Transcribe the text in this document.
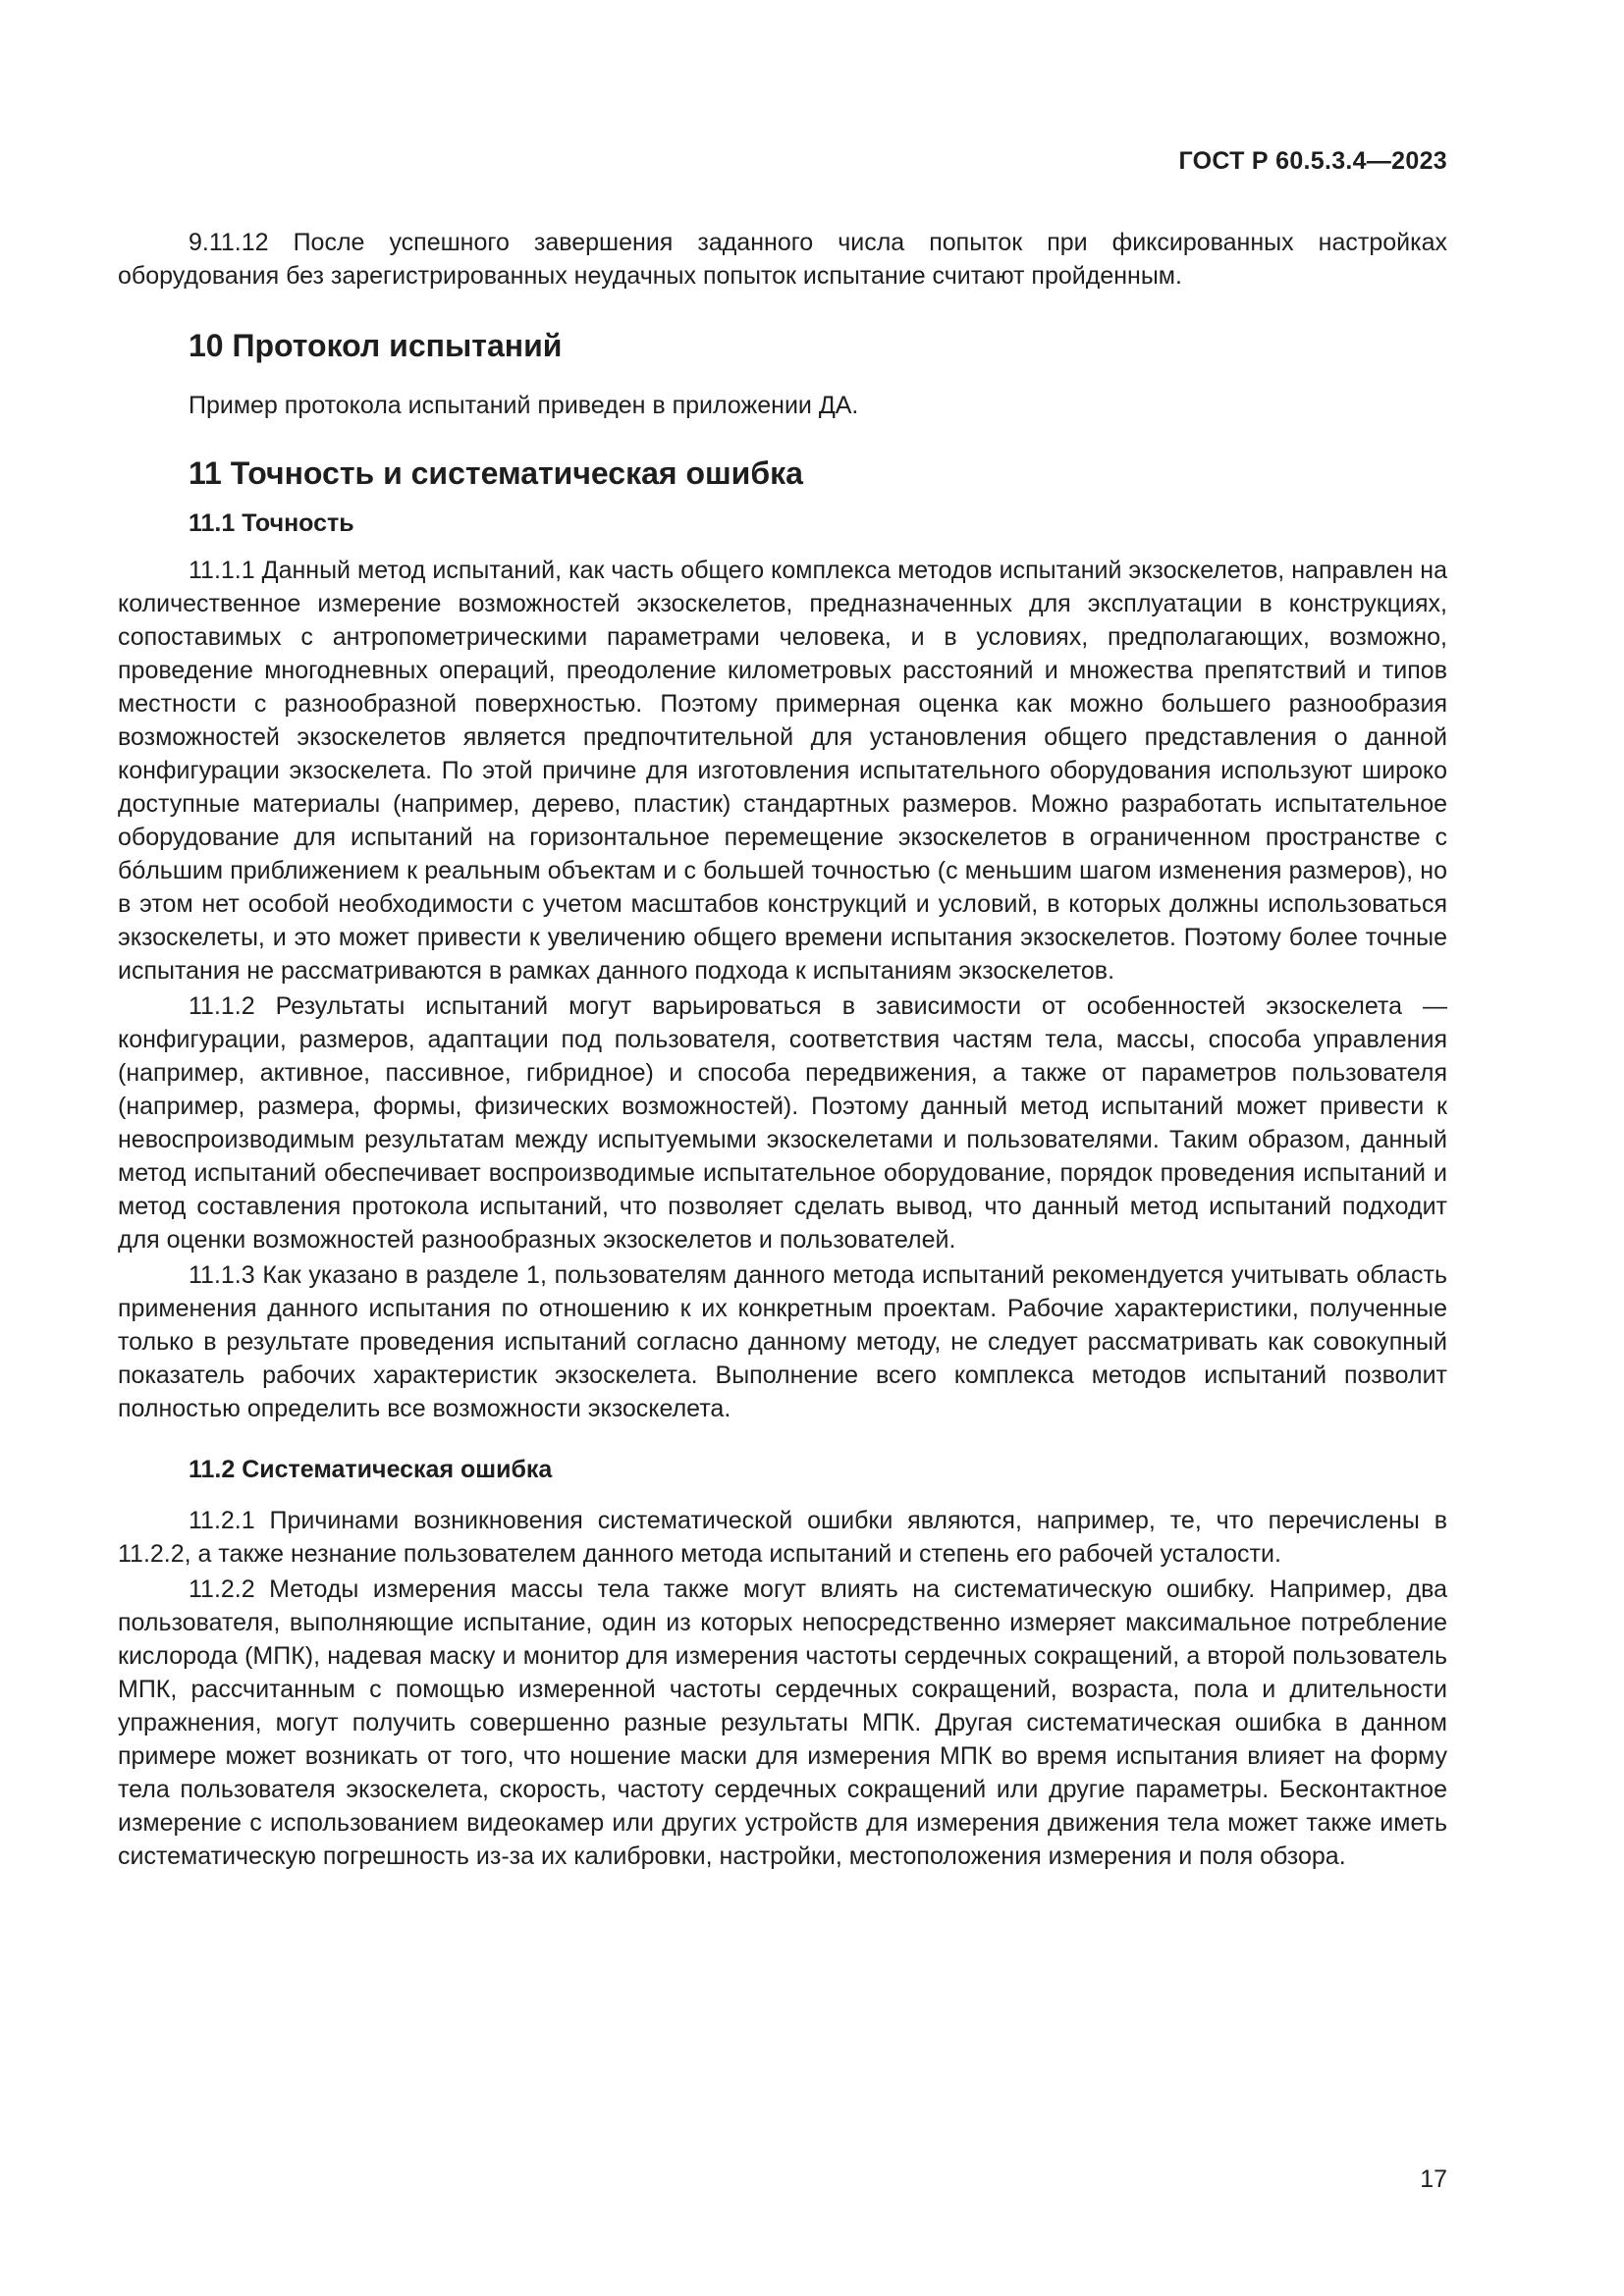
ГОСТ Р 60.5.3.4—2023

9.11.12 После успешного завершения заданного числа попыток при фиксированных настройках оборудования без зарегистрированных неудачных попыток испытание считают пройденным.

10 Протокол испытаний

Пример протокола испытаний приведен в приложении ДА.

11 Точность и систематическая ошибка
11.1 Точность

11.1.1 Данный метод испытаний, как часть общего комплекса методов испытаний экзоскелетов, направлен на количественное измерение возможностей экзоскелетов, предназначенных для эксплуатации в конструкциях, сопоставимых с антропометрическими параметрами человека, и в условиях, предполагающих, возможно, проведение многодневных операций, преодоление километровых расстояний и множества препятствий и типов местности с разнообразной поверхностью. Поэтому примерная оценка как можно большего разнообразия возможностей экзоскелетов является предпочтительной для установления общего представления о данной конфигурации экзоскелета. По этой причине для изготовления испытательного оборудования используют широко доступные материалы (например, дерево, пластик) стандартных размеров. Можно разработать испытательное оборудование для испытаний на горизонтальное перемещение экзоскелетов в ограниченном пространстве с бóльшим приближением к реальным объектам и с большей точностью (с меньшим шагом изменения размеров), но в этом нет особой необходимости с учетом масштабов конструкций и условий, в которых должны использоваться экзоскелеты, и это может привести к увеличению общего времени испытания экзоскелетов. Поэтому более точные испытания не рассматриваются в рамках данного подхода к испытаниям экзоскелетов.

11.1.2 Результаты испытаний могут варьироваться в зависимости от особенностей экзоскелета — конфигурации, размеров, адаптации под пользователя, соответствия частям тела, массы, способа управления (например, активное, пассивное, гибридное) и способа передвижения, а также от параметров пользователя (например, размера, формы, физических возможностей). Поэтому данный метод испытаний может привести к невоспроизводимым результатам между испытуемыми экзоскелетами и пользователями. Таким образом, данный метод испытаний обеспечивает воспроизводимые испытательное оборудование, порядок проведения испытаний и метод составления протокола испытаний, что позволяет сделать вывод, что данный метод испытаний подходит для оценки возможностей разнообразных экзоскелетов и пользователей.

11.1.3 Как указано в разделе 1, пользователям данного метода испытаний рекомендуется учитывать область применения данного испытания по отношению к их конкретным проектам. Рабочие характеристики, полученные только в результате проведения испытаний согласно данному методу, не следует рассматривать как совокупный показатель рабочих характеристик экзоскелета. Выполнение всего комплекса методов испытаний позволит полностью определить все возможности экзоскелета.

11.2 Систематическая ошибка

11.2.1 Причинами возникновения систематической ошибки являются, например, те, что перечислены в 11.2.2, а также незнание пользователем данного метода испытаний и степень его рабочей усталости.

11.2.2 Методы измерения массы тела также могут влиять на систематическую ошибку. Например, два пользователя, выполняющие испытание, один из которых непосредственно измеряет максимальное потребление кислорода (МПК), надевая маску и монитор для измерения частоты сердечных сокращений, а второй пользователь МПК, рассчитанным с помощью измеренной частоты сердечных сокращений, возраста, пола и длительности упражнения, могут получить совершенно разные результаты МПК. Другая систематическая ошибка в данном примере может возникать от того, что ношение маски для измерения МПК во время испытания влияет на форму тела пользователя экзоскелета, скорость, частоту сердечных сокращений или другие параметры. Бесконтактное измерение с использованием видеокамер или других устройств для измерения движения тела может также иметь систематическую погрешность из-за их калибровки, настройки, местоположения измерения и поля обзора.

17
